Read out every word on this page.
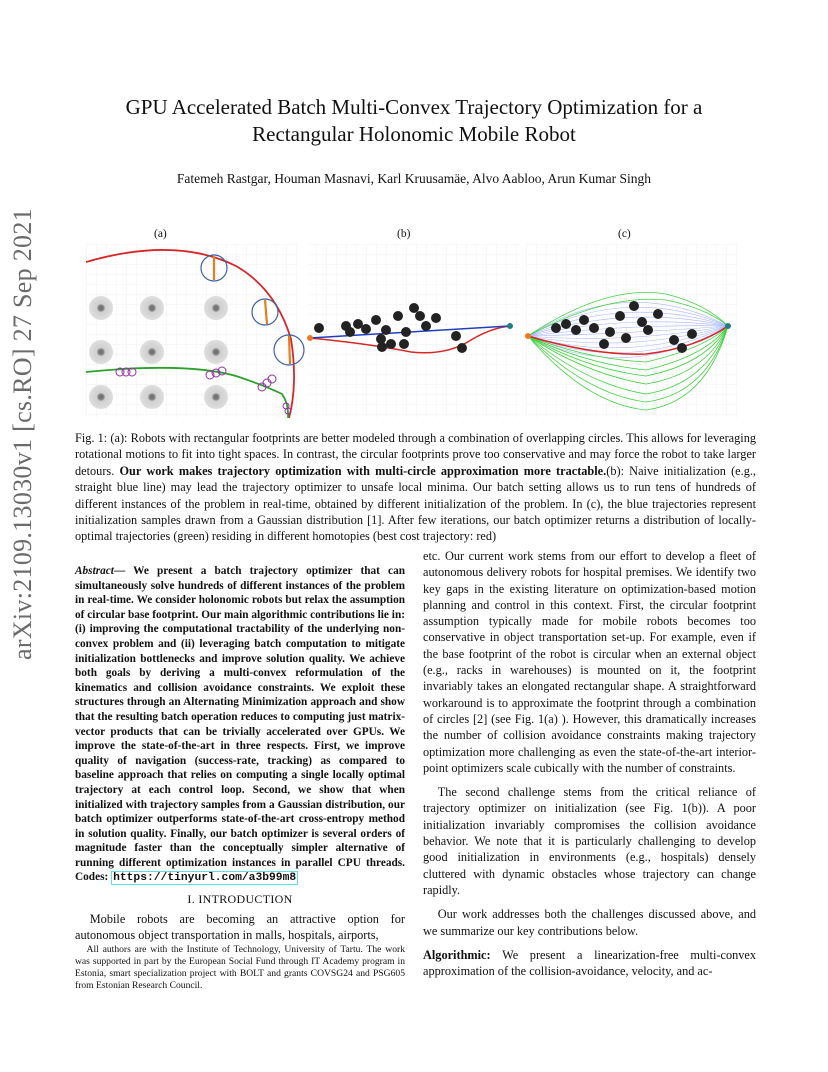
GPU Accelerated Batch Multi-Convex Trajectory Optimization for a
Rectangular Holonomic Mobile Robot
Fatemeh Rastgar, Houman Masnavi, Karl Kruusamäe, Alvo Aabloo, Arun Kumar Singh
arXiv:2109.13030v1 [cs.RO] 27 Sep 2021	(a)	(b)	(c)
Fig. 1: (a): Robots with rectangular footprints are better modeled through a combination of overlapping circles. This allows for leveraging rotational motions to fit into tight spaces. In contrast, the circular footprints prove too conservative and may force the robot to take larger detours. Our work makes trajectory optimization with multi-circle approximation more tractable.(b): Naive initialization (e.g., straight blue line) may lead the trajectory optimizer to unsafe local minima. Our batch setting allows us to run tens of hundreds of different instances of the problem in real-time, obtained by different initialization of the problem. In (c), the blue trajectories represent initialization samples drawn from a Gaussian distribution [1]. After few iterations, our batch optimizer returns a distribution of locally-optimal trajectories (green) residing in different homotopies (best cost trajectory: red)
Abstract— We present a batch trajectory optimizer that can simultaneously solve hundreds of different instances of the problem in real-time. We consider holonomic robots but relax the assumption of circular base footprint. Our main algorithmic contributions lie in: (i) improving the computational tractability of the underlying non-convex problem and (ii) leveraging batch computation to mitigate initialization bottlenecks and improve solution quality. We achieve both goals by deriving a multi-convex reformulation of the kinematics and collision avoidance constraints. We exploit these structures through an Alternating Minimization approach and show that the resulting batch operation reduces to computing just matrix-vector products that can be trivially accelerated over GPUs. We improve the state-of-the-art in three respects. First, we improve quality of navigation (success-rate, tracking) as compared to baseline approach that relies on computing a single locally optimal trajectory at each control loop. Second, we show that when initialized with trajectory samples from a Gaussian distribution, our batch optimizer outperforms state-of-the-art cross-entropy method in solution quality. Finally, our batch optimizer is several orders of magnitude faster than the conceptually simpler alternative of running different optimization instances in parallel CPU threads. Codes: https://tinyurl.com/a3b99m8
I. INTRODUCTION

Mobile robots are becoming an attractive option for autonomous object transportation in malls, hospitals, airports,

All authors are with the Institute of Technology, University of Tartu. The work was supported in part by the European Social Fund through IT Academy program in Estonia, smart specialization project with BOLT and grants COVSG24 and PSG605 from Estonian Research Council.

etc. Our current work stems from our effort to develop a fleet of autonomous delivery robots for hospital premises. We identify two key gaps in the existing literature on optimization-based motion planning and control in this context. First, the circular footprint assumption typically made for mobile robots becomes too conservative in object transportation set-up. For example, even if the base footprint of the robot is circular when an external object (e.g., racks in warehouses) is mounted on it, the footprint invariably takes an elongated rectangular shape. A straightforward workaround is to approximate the footprint through a combination of circles [2] (see Fig. 1(a) ). However, this dramatically increases the number of collision avoidance constraints making trajectory optimization more challenging as even the state-of-the-art interior-point optimizers scale cubically with the number of constraints.

The second challenge stems from the critical reliance of trajectory optimizer on initialization (see Fig. 1(b)). A poor initialization invariably compromises the collision avoidance behavior. We note that it is particularly challenging to develop good initialization in environments (e.g., hospitals) densely cluttered with dynamic obstacles whose trajectory can change rapidly.

Our work addresses both the challenges discussed above, and we summarize our key contributions below.

Algorithmic: We present a linearization-free multi-convex approximation of the collision-avoidance, velocity, and ac-
